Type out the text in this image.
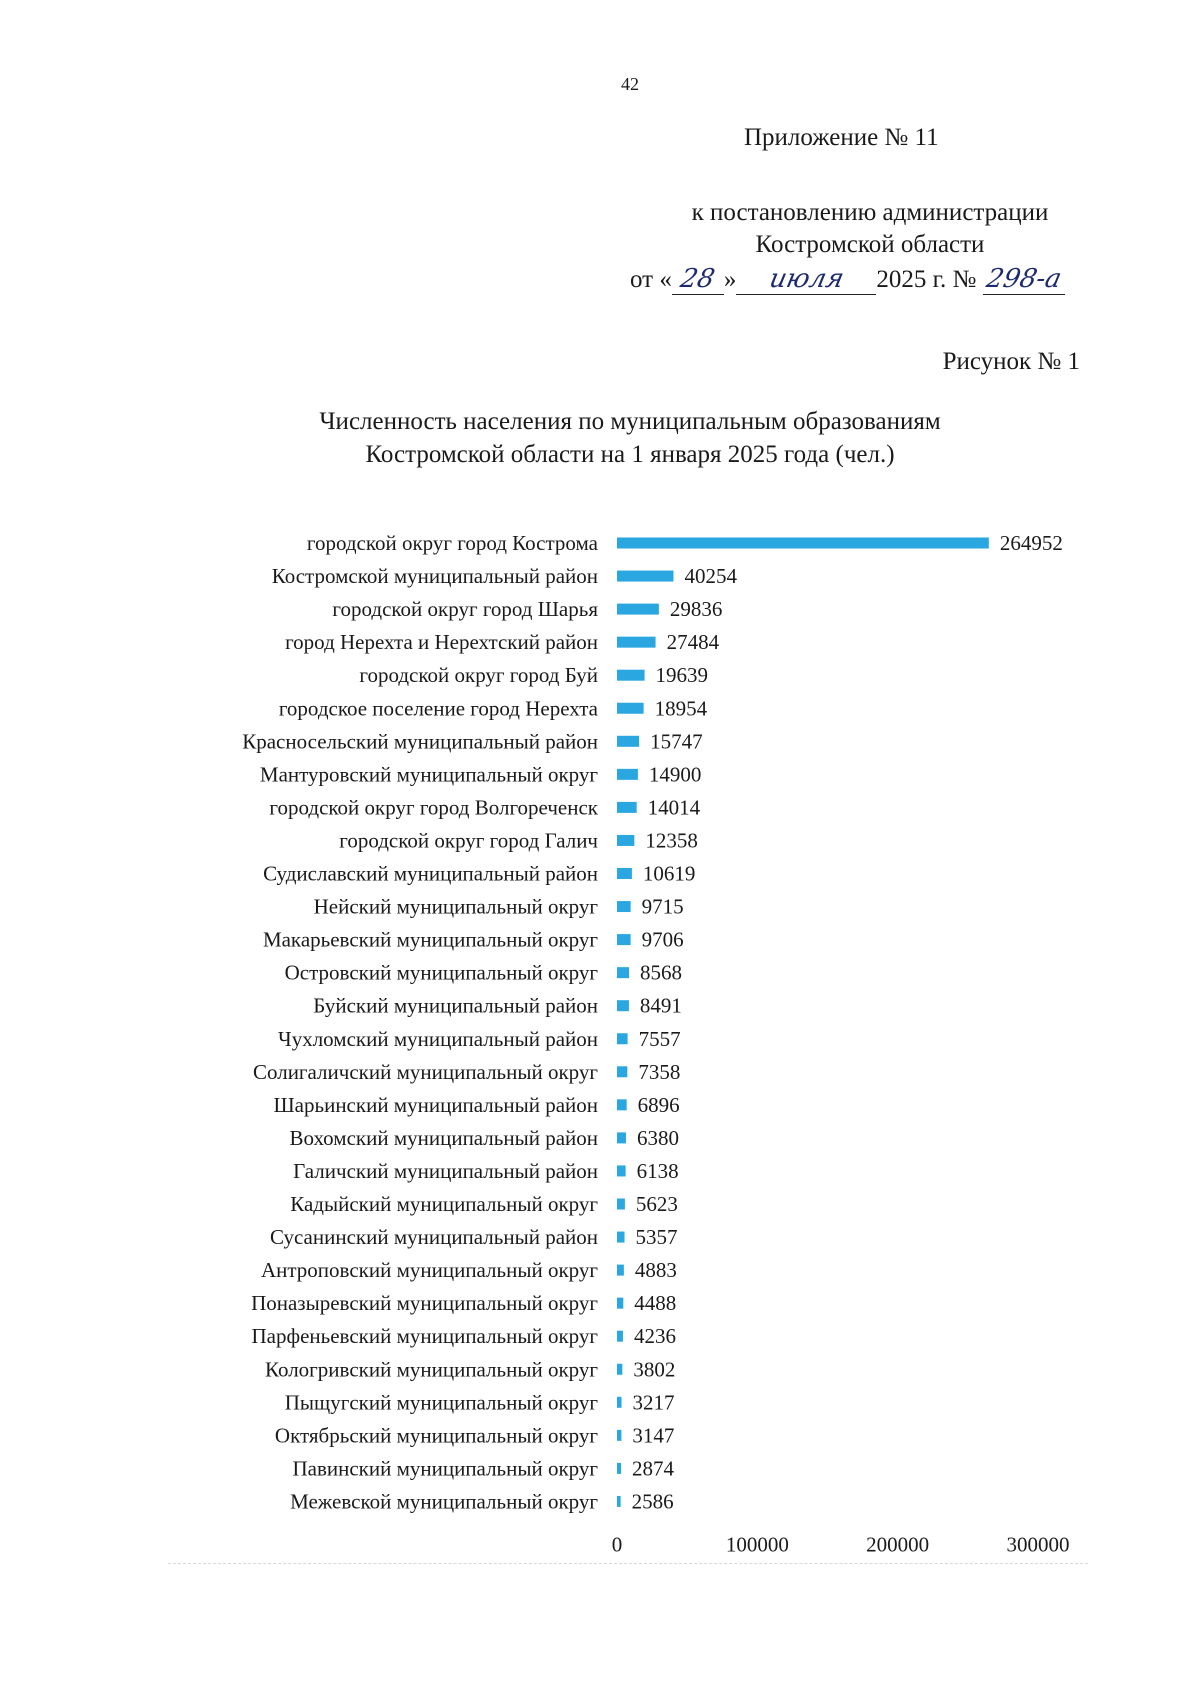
42
Приложение № 11
к постановлению администрации
Костромской области
от « 28 » июля 2025 г. № 298-а
Рисунок № 1
Численность населения по муниципальным образованиям
Костромской области на 1 января 2025 года (чел.)
городской округ город Кострома	264952
Костромской муниципальный район	40254
городской округ город Шарья	29836
город Нерехта и Нерехтский район	27484
городской округ город Буй	19639
городское поселение город Нерехта	18954
Красносельский муниципальный район 15747
Мантуровский муниципальный округ 14900
городской округ город Волгореченск 14014
городской округ город Галич 12358
Судиславский муниципальный район 10619
Нейский муниципальный округ 9715
Макарьевский муниципальный округ 9706
Островский муниципальный округ 8568
Буйский муниципальный район 8491
Чухломский муниципальный район 7557
Солигаличский муниципальный округ 7358
Шарьинский муниципальный район 6896
Вохомский муниципальный район 6380
Галичский муниципальный район 6138
Кадыйский муниципальный округ 5623
Сусанинский муниципальный район 5357
Антроповский муниципальный округ 4883
Поназыревский муниципальный округ 4488
Парфеньевский муниципальный округ 4236
Кологривский муниципальный округ 3802
Пыщугский муниципальный округ 3217
Октябрьский муниципальный округ 3147
Павинский муниципальный округ 2874
Межевской муниципальный округ 2586
0	100000	200000	300000
